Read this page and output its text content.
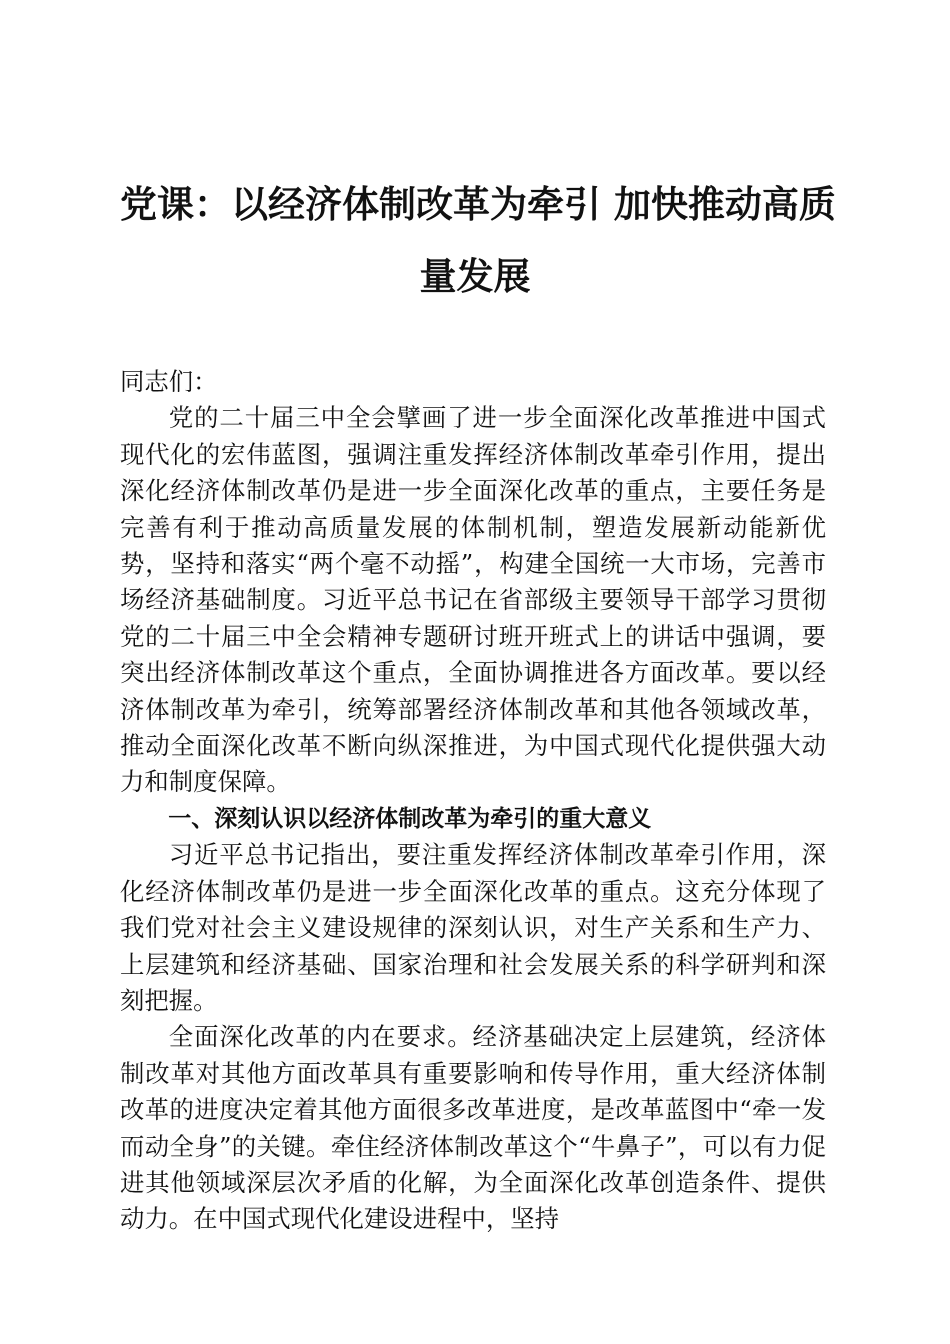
党课：以经济体制改革为牵引 加快推动高质
量发展

同志们：

党的二十届三中全会擘画了进一步全面深化改革推进中国式现代化的宏伟蓝图，强调注重发挥经济体制改革牵引作用，提出深化经济体制改革仍是进一步全面深化改革的重点，主要任务是完善有利于推动高质量发展的体制机制，塑造发展新动能新优势，坚持和落实“两个毫不动摇”，构建全国统一大市场，完善市场经济基础制度。习近平总书记在省部级主要领导干部学习贯彻党的二十届三中全会精神专题研讨班开班式上的讲话中强调，要突出经济体制改革这个重点，全面协调推进各方面改革。要以经济体制改革为牵引，统筹部署经济体制改革和其他各领域改革，推动全面深化改革不断向纵深推进，为中国式现代化提供强大动力和制度保障。

一、深刻认识以经济体制改革为牵引的重大意义

习近平总书记指出，要注重发挥经济体制改革牵引作用，深化经济体制改革仍是进一步全面深化改革的重点。这充分体现了我们党对社会主义建设规律的深刻认识，对生产关系和生产力、上层建筑和经济基础、国家治理和社会发展关系的科学研判和深刻把握。

全面深化改革的内在要求。经济基础决定上层建筑，经济体制改革对其他方面改革具有重要影响和传导作用，重大经济体制改革的进度决定着其他方面很多改革进度，是改革蓝图中“牵一发而动全身”的关键。牵住经济体制改革这个“牛鼻子”，可以有力促进其他领域深层次矛盾的化解，为全面深化改革创造条件、提供动力。在中国式现代化建设进程中，坚持
